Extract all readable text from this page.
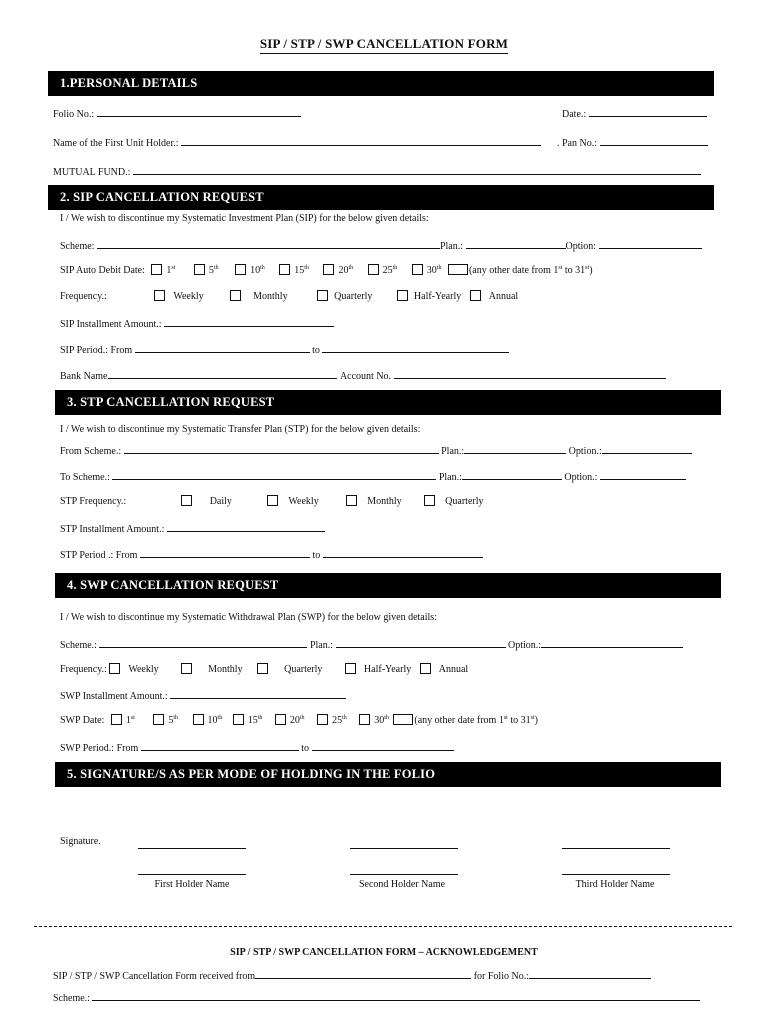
SIP / STP / SWP CANCELLATION FORM
1.PERSONAL DETAILS
Folio No.:	Date.:
Name of the First Unit Holder.:	. Pan No.:
MUTUAL FUND.:
2. SIP CANCELLATION REQUEST
I / We wish to discontinue my Systematic Investment Plan (SIP) for the below given details:
Scheme:	Plan.:	Option:
SIP Auto Debit Date: 1st	5th	10th	15th	20th	25th	30th	(any other date from 1st to 31st)
Frequency.:	Weekly	Monthly	Quarterly	Half-Yearly	Annual
SIP Installment Amount.:
SIP Period.: From	to
Bank Name	. Account No.
3. STP CANCELLATION REQUEST
I / We wish to discontinue my Systematic Transfer Plan (STP) for the below given details:
From Scheme.:	Plan.:	Option.:
To Scheme.:	Plan.:	Option.:
STP Frequency.:	Daily	Weekly	Monthly	Quarterly
STP Installment Amount.:
STP Period .: From	to
4. SWP CANCELLATION REQUEST
I / We wish to discontinue my Systematic Withdrawal Plan (SWP) for the below given details:
Scheme.:	Plan.:	Option.:
Frequency.: Weekly	Monthly	Quarterly	Half-Yearly	Annual
SWP Installment Amount.:
SWP Date: 1st	5th	10th	15th	20th	25th	30th	(any other date from 1st to 31st)
SWP Period.: From	to
5. SIGNATURE/S AS PER MODE OF HOLDING IN THE FOLIO
Signature.
First Holder Name	Second Holder Name	Third Holder Name
SIP / STP / SWP CANCELLATION FORM – ACKNOWLEDGEMENT
SIP / STP / SWP Cancellation Form received from	for Folio No.:
Scheme.:
